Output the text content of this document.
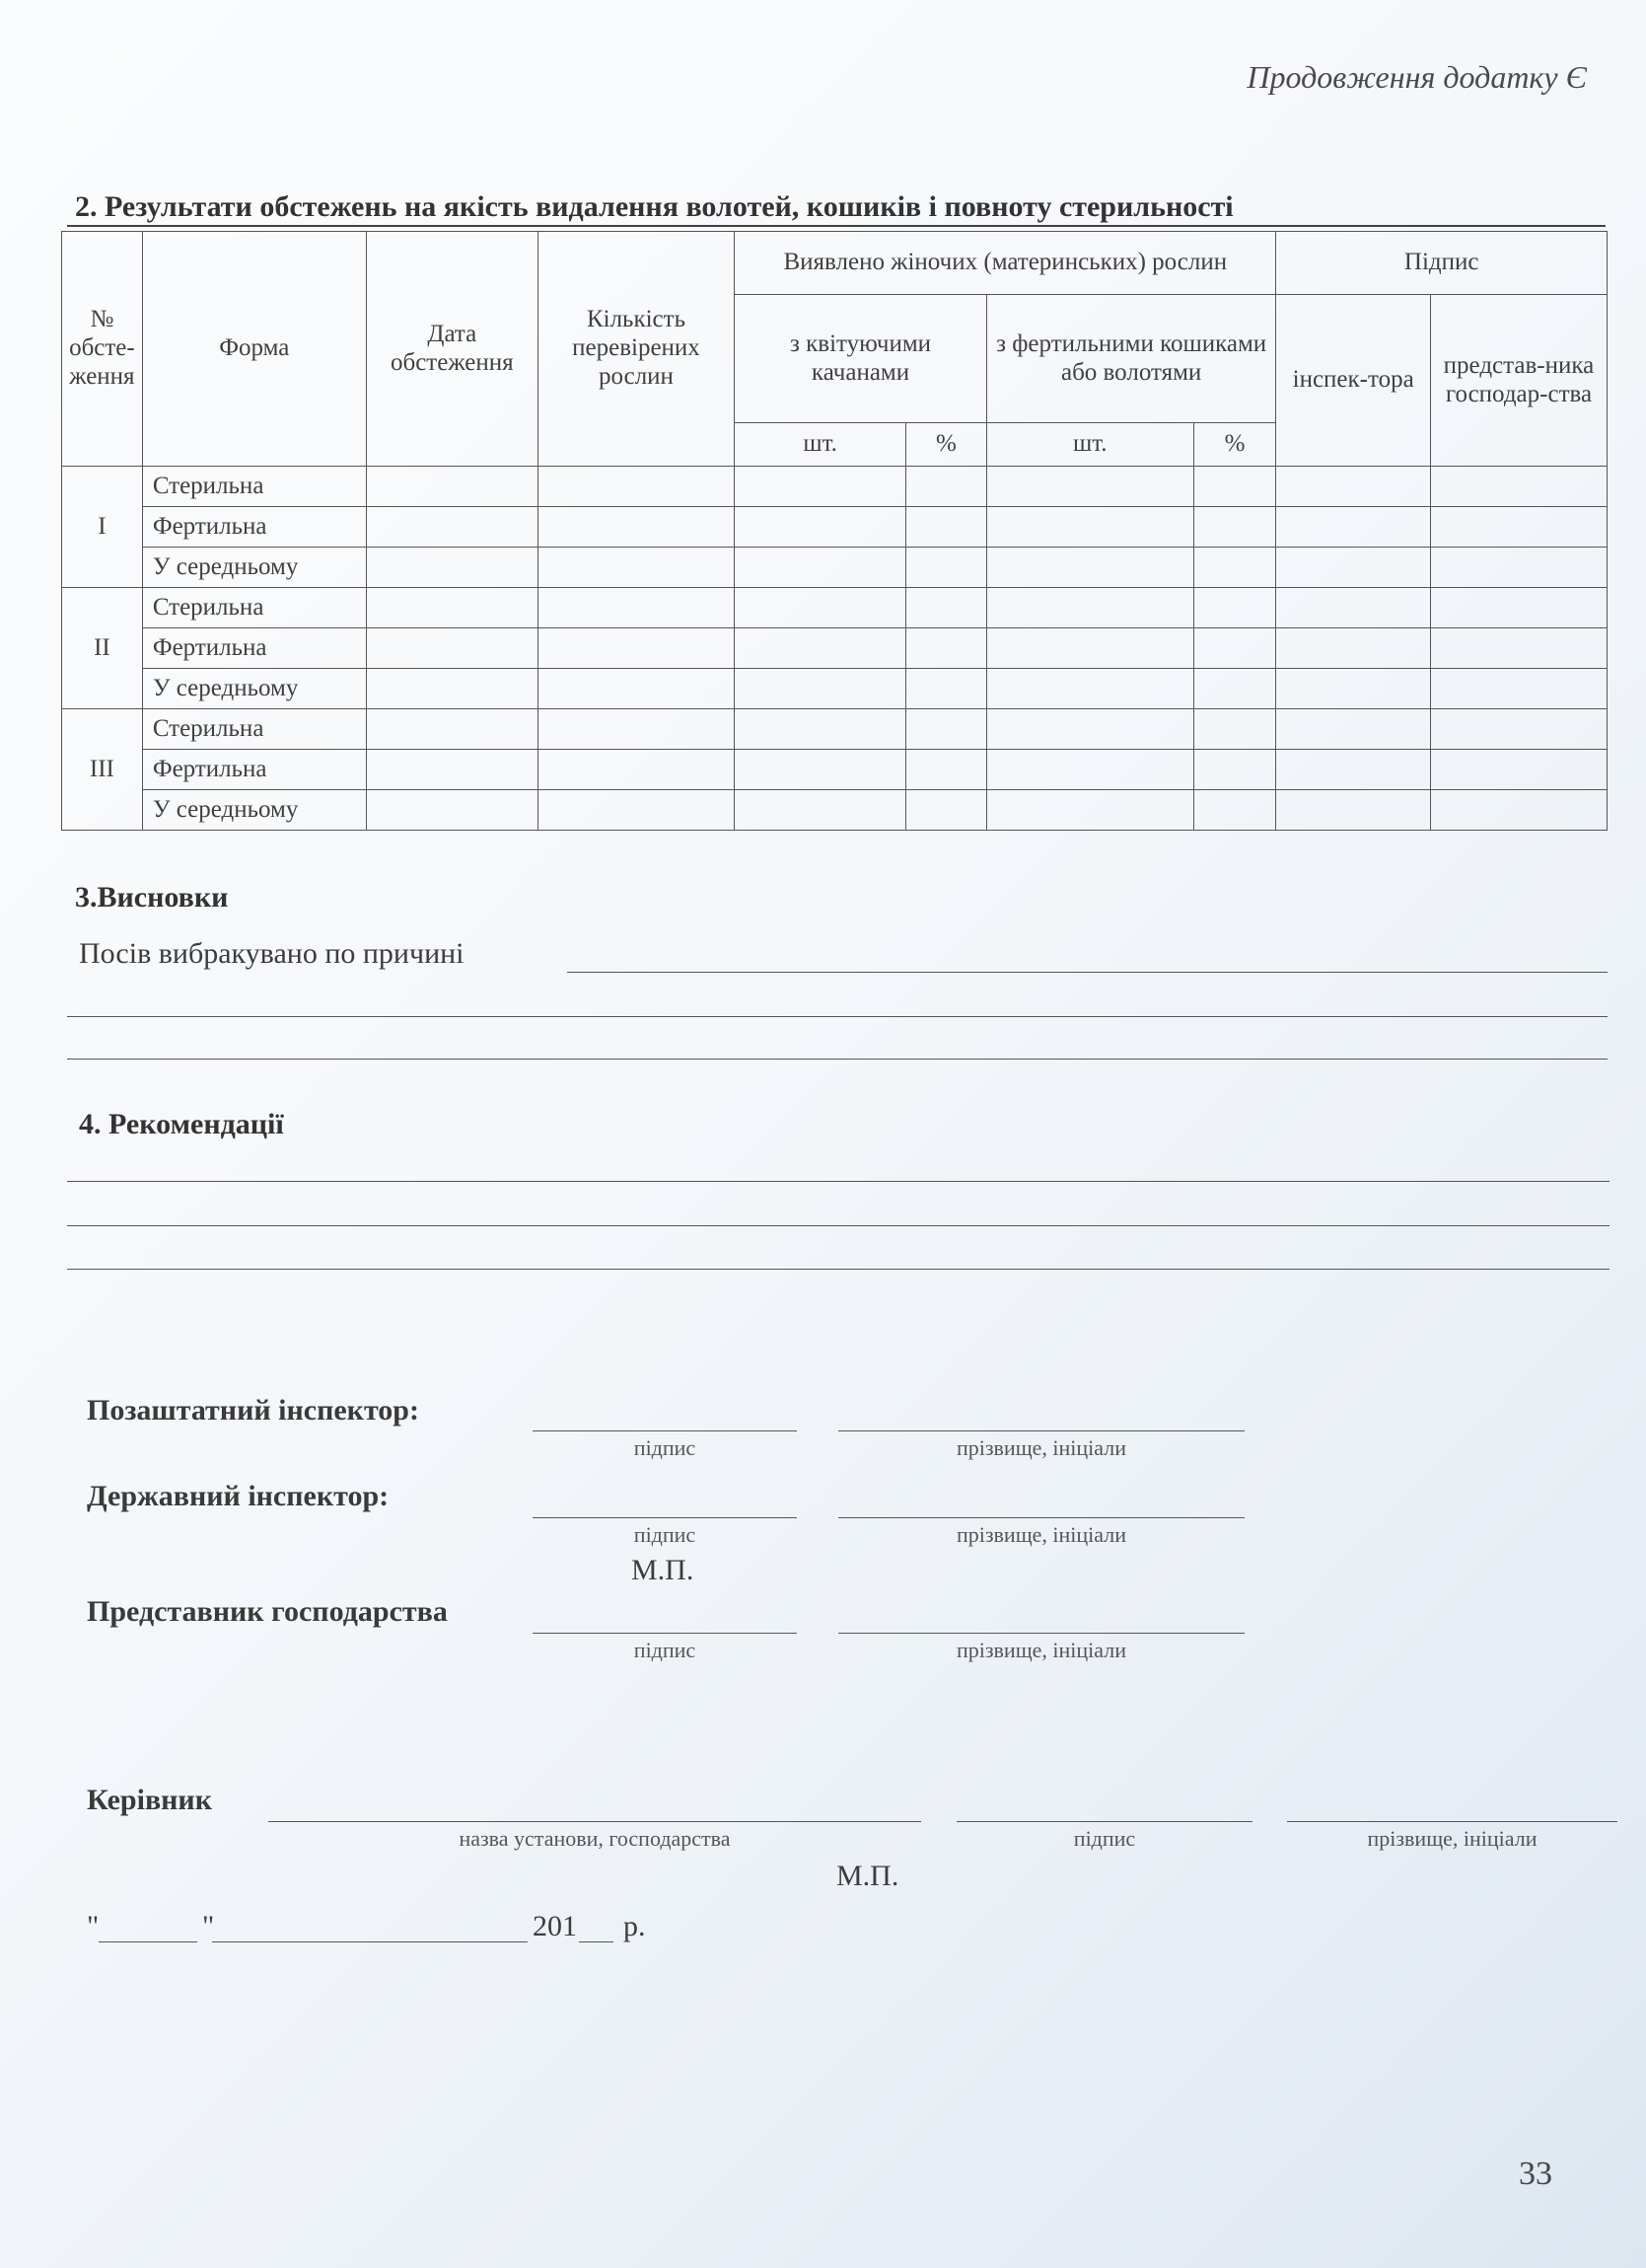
Продовження додатку Є
2. Результати обстежень на якість видалення волотей, кошиків і повноту стерильності
№ обсте-ження	Форма	Дата обстеження	Кількість перевірених рослин	Виявлено жіночих (материнських) рослин				Підпис	
				з квітуючими качанами		з фертильними кошиками або волотями		інспек-тора	представ-ника господар-ства
				шт.	%	шт.	%		
I	Стерильна								
	Фертильна								
	У середньому								
II	Стерильна								
	Фертильна								
	У середньому								
III	Стерильна								
	Фертильна								
	У середньому								
3.Висновки
Посів вибракувано по причині
4. Рекомендації
Позаштатний інспектор:
підпис	прізвище, ініціали
Державний інспектор:
підпис	прізвище, ініціали
М.П.
Представник господарства
підпис	прізвище, ініціали
Керівник
назва установи, господарства	підпис	прізвище, ініціали
М.П.
"	"	201 р.
33
